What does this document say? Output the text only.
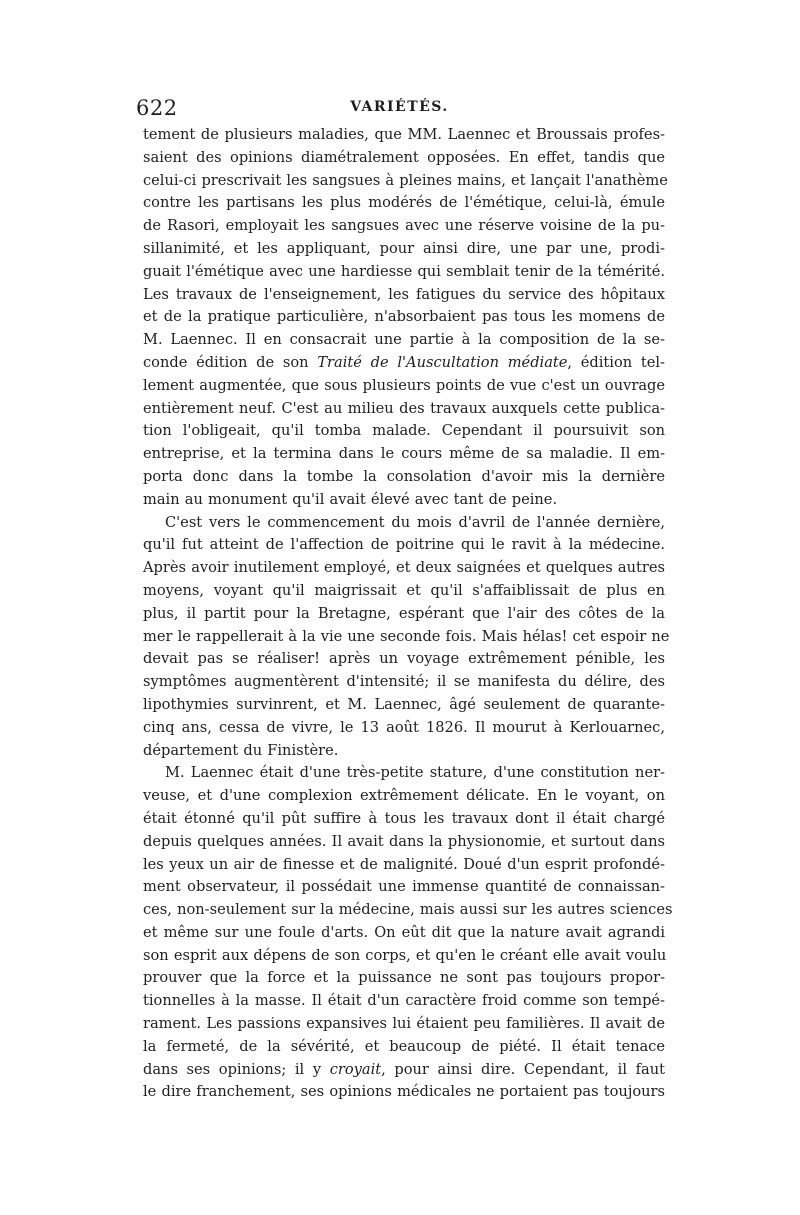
622	VARIÉTÉS.
tement de plusieurs maladies, que MM. Laennec et Broussais profes-
saient des opinions diamétralement opposées. En effet, tandis que
celui-ci prescrivait les sangsues à pleines mains, et lançait l'anathème
contre les partisans les plus modérés de l'émétique, celui-là, émule
de Rasori, employait les sangsues avec une réserve voisine de la pu-
sillanimité, et les appliquant, pour ainsi dire, une par une, prodi-
guait l'émétique avec une hardiesse qui semblait tenir de la témérité.
Les travaux de l'enseignement, les fatigues du service des hôpitaux
et de la pratique particulière, n'absorbaient pas tous les momens de
M. Laennec. Il en consacrait une partie à la composition de la se-
conde édition de son Traité de l'Auscultation médiate, édition tel-
lement augmentée, que sous plusieurs points de vue c'est un ouvrage
entièrement neuf. C'est au milieu des travaux auxquels cette publica-
tion l'obligeait, qu'il tomba malade. Cependant il poursuivit son
entreprise, et la termina dans le cours même de sa maladie. Il em-
porta donc dans la tombe la consolation d'avoir mis la dernière
main au monument qu'il avait élevé avec tant de peine.
C'est vers le commencement du mois d'avril de l'année dernière,
qu'il fut atteint de l'affection de poitrine qui le ravit à la médecine.
Après avoir inutilement employé, et deux saignées et quelques autres
moyens, voyant qu'il maigrissait et qu'il s'affaiblissait de plus en
plus, il partit pour la Bretagne, espérant que l'air des côtes de la
mer le rappellerait à la vie une seconde fois. Mais hélas! cet espoir ne
devait pas se réaliser! après un voyage extrêmement pénible, les
symptômes augmentèrent d'intensité; il se manifesta du délire, des
lipothymies survinrent, et M. Laennec, âgé seulement de quarante-
cinq ans, cessa de vivre, le 13 août 1826. Il mourut à Kerlouarnec,
département du Finistère.
M. Laennec était d'une très-petite stature, d'une constitution ner-
veuse, et d'une complexion extrêmement délicate. En le voyant, on
était étonné qu'il pût suffire à tous les travaux dont il était chargé
depuis quelques années. Il avait dans la physionomie, et surtout dans
les yeux un air de finesse et de malignité. Doué d'un esprit profondé-
ment observateur, il possédait une immense quantité de connaissan-
ces, non-seulement sur la médecine, mais aussi sur les autres sciences
et même sur une foule d'arts. On eût dit que la nature avait agrandi
son esprit aux dépens de son corps, et qu'en le créant elle avait voulu
prouver que la force et la puissance ne sont pas toujours propor-
tionnelles à la masse. Il était d'un caractère froid comme son tempé-
rament. Les passions expansives lui étaient peu familières. Il avait de
la fermeté, de la sévérité, et beaucoup de piété. Il était tenace
dans ses opinions; il y croyait, pour ainsi dire. Cependant, il faut
le dire franchement, ses opinions médicales ne portaient pas toujours
